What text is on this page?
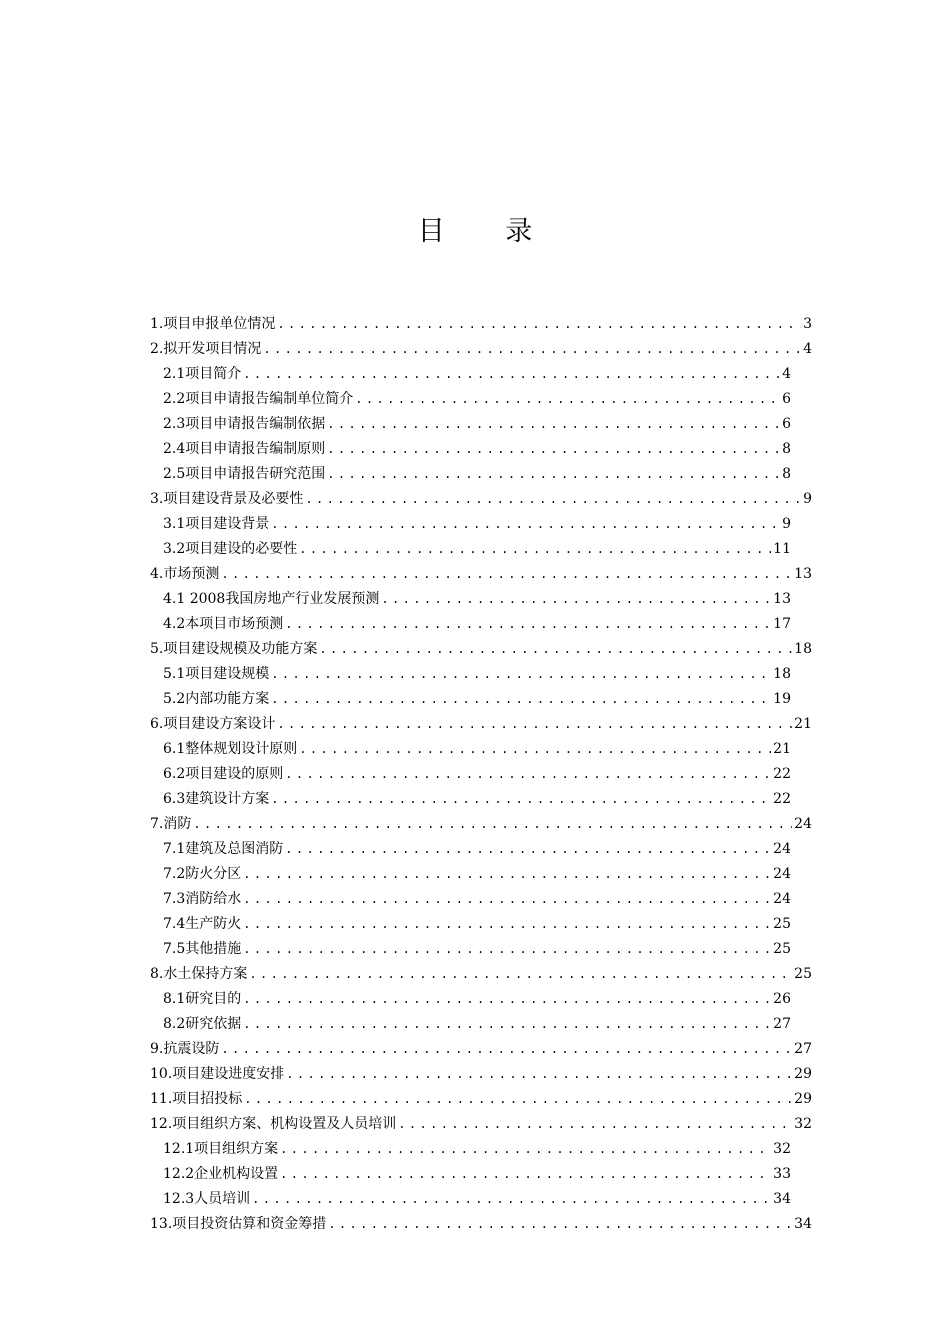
目 录
1.项目申报单位情况 .....	3
2.拟开发项目情况 .....	4
2.1项目简介 .....	4
2.2项目申请报告编制单位简介 .....	6
2.3项目申请报告编制依据 .....	6
2.4项目申请报告编制原则 .....	8
2.5项目申请报告研究范围 .....	8
3.项目建设背景及必要性 .....	9
3.1项目建设背景 .....	9
3.2项目建设的必要性 .....	11
4.市场预测 .....	13
4.1 2008我国房地产行业发展预测 .....	13
4.2本项目市场预测 .....	17
5.项目建设规模及功能方案 .....	18
5.1项目建设规模 .....	18
5.2内部功能方案 .....	19
6.项目建设方案设计 .....	21
6.1整体规划设计原则 .....	21
6.2项目建设的原则 .....	22
6.3建筑设计方案 .....	22
7.消防 .....	24
7.1建筑及总图消防 .....	24
7.2防火分区 .....	24
7.3消防给水 .....	24
7.4生产防火 .....	25
7.5其他措施 .....	25
8.水土保持方案 .....	25
8.1研究目的 .....	26
8.2研究依据 .....	27
9.抗震设防 .....	27
10.项目建设进度安排 .....	29
11.项目招投标 .....	29
12.项目组织方案、机构设置及人员培训 .....	32
12.1项目组织方案 .....	32
12.2企业机构设置 .....	33
12.3人员培训 .....	34
13.项目投资估算和资金筹措 .....	34
